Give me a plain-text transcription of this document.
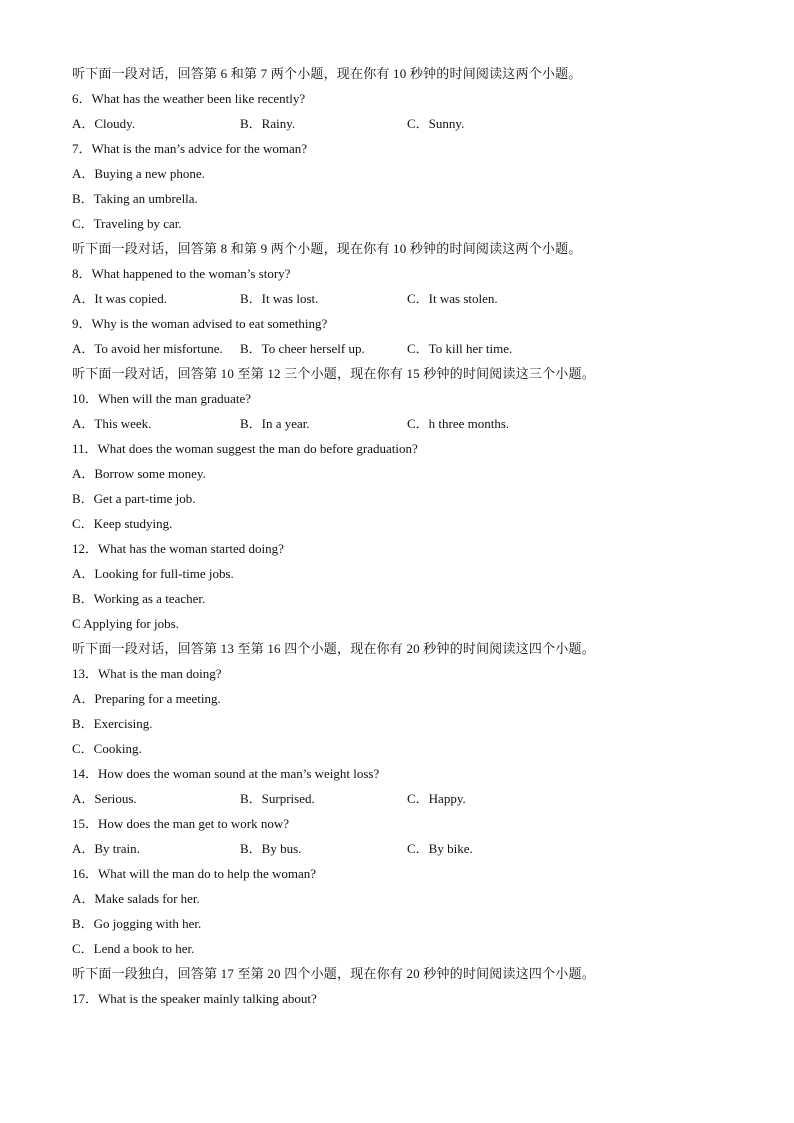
听下面一段对话，回答第 6 和第 7 两个小题，现在你有 10 秒钟的时间阅读这两个小题。
6．What has the weather been like recently?
A．Cloudy.	B．Rainy.	C．Sunny.
7．What is the man’s advice for the woman?
A．Buying a new phone.
B．Taking an umbrella.
C．Traveling by car.
听下面一段对话，回答第 8 和第 9 两个小题，现在你有 10 秒钟的时间阅读这两个小题。
8．What happened to the woman’s story?
A．It was copied.	B．It was lost.	C．It was stolen.
9．Why is the woman advised to eat something?
A．To avoid her misfortune. B．To cheer herself up.	C．To kill her time.
听下面一段对话，回答第 10 至第 12 三个小题，现在你有 15 秒钟的时间阅读这三个小题。
10．When will the man graduate?
A．This week.	B．In a year.	C．h three months.
11．What does the woman suggest the man do before graduation?
A．Borrow some money.
B．Get a part-time job.
C．Keep studying.
12．What has the woman started doing?
A．Looking for full-time jobs.
B．Working as a teacher.
C Applying for jobs.
听下面一段对话，回答第 13 至第 16 四个小题，现在你有 20 秒钟的时间阅读这四个小题。
13．What is the man doing?
A．Preparing for a meeting.
B．Exercising.
C．Cooking.
14．How does the woman sound at the man’s weight loss?
A．Serious.	B．Surprised.	C．Happy.
15．How does the man get to work now?
A．By train.	B．By bus.	C．By bike.
16．What will the man do to help the woman?
A．Make salads for her.
B．Go jogging with her.
C．Lend a book to her.
听下面一段独白，回答第 17 至第 20 四个小题，现在你有 20 秒钟的时间阅读这四个小题。
17．What is the speaker mainly talking about?
